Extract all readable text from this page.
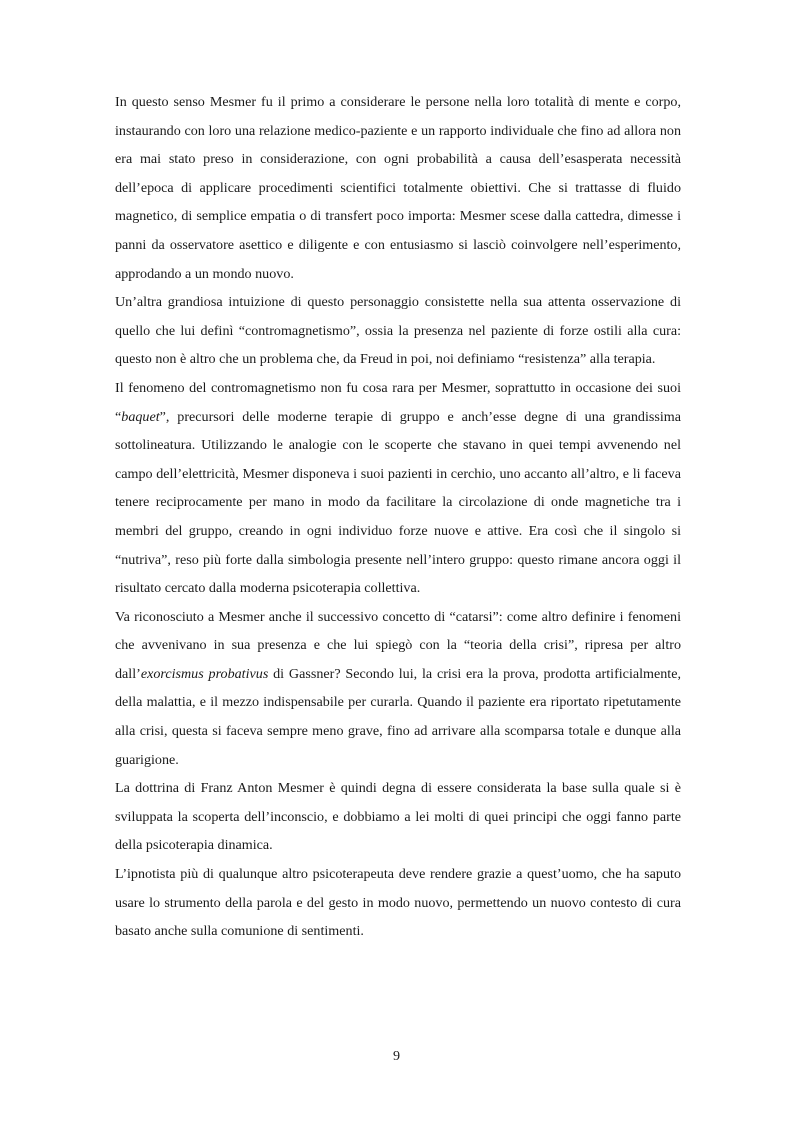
In questo senso Mesmer fu il primo a considerare le persone nella loro totalità di mente e corpo, instaurando con loro una relazione medico-paziente e un rapporto individuale che fino ad allora non era mai stato preso in considerazione, con ogni probabilità a causa dell’esasperata necessità dell’epoca di applicare procedimenti scientifici totalmente obiettivi. Che si trattasse di fluido magnetico, di semplice empatia o di transfert poco importa: Mesmer scese dalla cattedra, dimesse i panni da osservatore asettico e diligente e con entusiasmo si lasciò coinvolgere nell’esperimento, approdando a un mondo nuovo.

Un’altra grandiosa intuizione di questo personaggio consistette nella sua attenta osservazione di quello che lui definì “contromagnetismo”, ossia la presenza nel paziente di forze ostili alla cura: questo non è altro che un problema che, da Freud in poi, noi definiamo “resistenza” alla terapia.

Il fenomeno del contromagnetismo non fu cosa rara per Mesmer, soprattutto in occasione dei suoi “baquet”, precursori delle moderne terapie di gruppo e anch’esse degne di una grandissima sottolineatura. Utilizzando le analogie con le scoperte che stavano in quei tempi avvenendo nel campo dell’elettricità, Mesmer disponeva i suoi pazienti in cerchio, uno accanto all’altro, e li faceva tenere reciprocamente per mano in modo da facilitare la circolazione di onde magnetiche tra i membri del gruppo, creando in ogni individuo forze nuove e attive. Era così che il singolo si “nutriva”, reso più forte dalla simbologia presente nell’intero gruppo: questo rimane ancora oggi il risultato cercato dalla moderna psicoterapia collettiva.

Va riconosciuto a Mesmer anche il successivo concetto di “catarsi”: come altro definire i fenomeni che avvenivano in sua presenza e che lui spiegò con la “teoria della crisi”, ripresa per altro dall’exorcismus probativus di Gassner? Secondo lui, la crisi era la prova, prodotta artificialmente, della malattia, e il mezzo indispensabile per curarla. Quando il paziente era riportato ripetutamente alla crisi, questa si faceva sempre meno grave, fino ad arrivare alla scomparsa totale e dunque alla guarigione.

La dottrina di Franz Anton Mesmer è quindi degna di essere considerata la base sulla quale si è sviluppata la scoperta dell’inconscio, e dobbiamo a lei molti di quei principi che oggi fanno parte della psicoterapia dinamica.

L’ipnotista più di qualunque altro psicoterapeuta deve rendere grazie a quest’uomo, che ha saputo usare lo strumento della parola e del gesto in modo nuovo, permettendo un nuovo contesto di cura basato anche sulla comunione di sentimenti.

9
